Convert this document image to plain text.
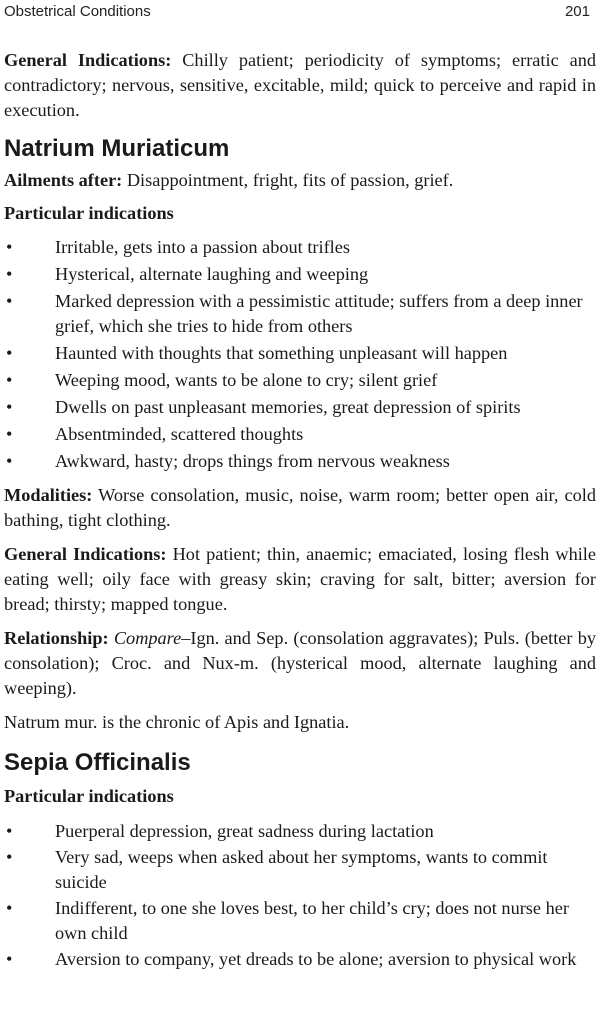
Obstetrical Conditions	201

General Indications: Chilly patient; periodicity of symptoms; erratic and contradictory; nervous, sensitive, excitable, mild; quick to perceive and rapid in execution.

Natrium Muriaticum

Ailments after: Disappointment, fright, fits of passion, grief.

Particular indications

• Irritable, gets into a passion about trifles
• Hysterical, alternate laughing and weeping
• Marked depression with a pessimistic attitude; suffers from a deep inner grief, which she tries to hide from others
• Haunted with thoughts that something unpleasant will happen
• Weeping mood, wants to be alone to cry; silent grief
• Dwells on past unpleasant memories, great depression of spirits
• Absentminded, scattered thoughts
• Awkward, hasty; drops things from nervous weakness

Modalities: Worse consolation, music, noise, warm room; better open air, cold bathing, tight clothing.

General Indications: Hot patient; thin, anaemic; emaciated, losing flesh while eating well; oily face with greasy skin; craving for salt, bitter; aversion for bread; thirsty; mapped tongue.

Relationship: Compare–Ign. and Sep. (consolation aggravates); Puls. (better by consolation); Croc. and Nux-m. (hysterical mood, alternate laughing and weeping).

Natrum mur. is the chronic of Apis and Ignatia.

Sepia Officinalis

Particular indications

• Puerperal depression, great sadness during lactation
• Very sad, weeps when asked about her symptoms, wants to commit suicide
• Indifferent, to one she loves best, to her child’s cry; does not nurse her own child
• Aversion to company, yet dreads to be alone; aversion to physical work
